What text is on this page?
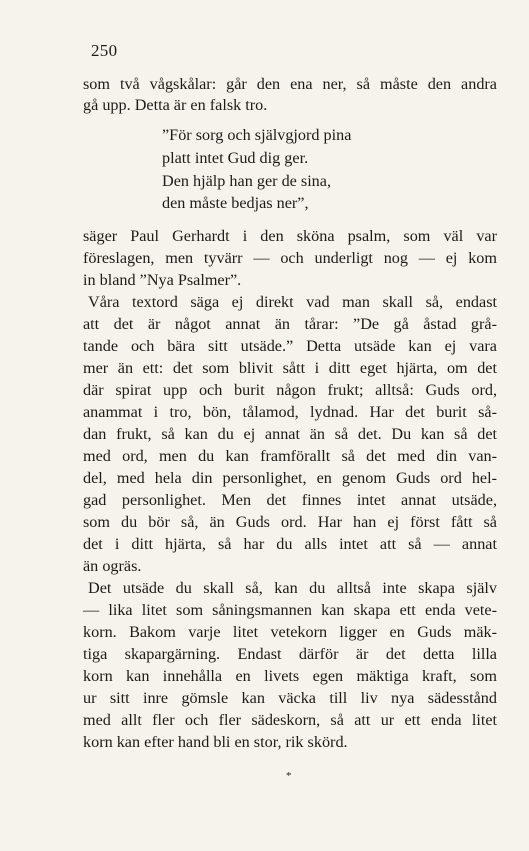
250
som två vågskålar: går den ena ner, så måste den andra
gå upp. Detta är en falsk tro.
”För sorg och självgjord pina
platt intet Gud dig ger.
Den hjälp han ger de sina,
den måste bedjas ner”,
säger Paul Gerhardt i den sköna psalm, som väl var
föreslagen, men tyvärr — och underligt nog — ej kom
in bland ”Nya Psalmer”.
Våra textord säga ej direkt vad man skall så, endast
att det är något annat än tårar: ”De gå åstad grå-
tande och bära sitt utsäde.” Detta utsäde kan ej vara
mer än ett: det som blivit sått i ditt eget hjärta, om det
där spirat upp och burit någon frukt; alltså: Guds ord,
anammat i tro, bön, tålamod, lydnad. Har det burit så-
dan frukt, så kan du ej annat än så det. Du kan så det
med ord, men du kan framförallt så det med din van-
del, med hela din personlighet, en genom Guds ord hel-
gad personlighet. Men det finnes intet annat utsäde,
som du bör så, än Guds ord. Har han ej först fått så
det i ditt hjärta, så har du alls intet att så — annat
än ogräs.
Det utsäde du skall så, kan du alltså inte skapa själv
— lika litet som såningsmannen kan skapa ett enda vete-
korn. Bakom varje litet vetekorn ligger en Guds mäk-
tiga skapargärning. Endast därför är det detta lilla
korn kan innehålla en livets egen mäktiga kraft, som
ur sitt inre gömsle kan väcka till liv nya sädesstånd
med allt fler och fler sädeskorn, så att ur ett enda litet
korn kan efter hand bli en stor, rik skörd.
*
